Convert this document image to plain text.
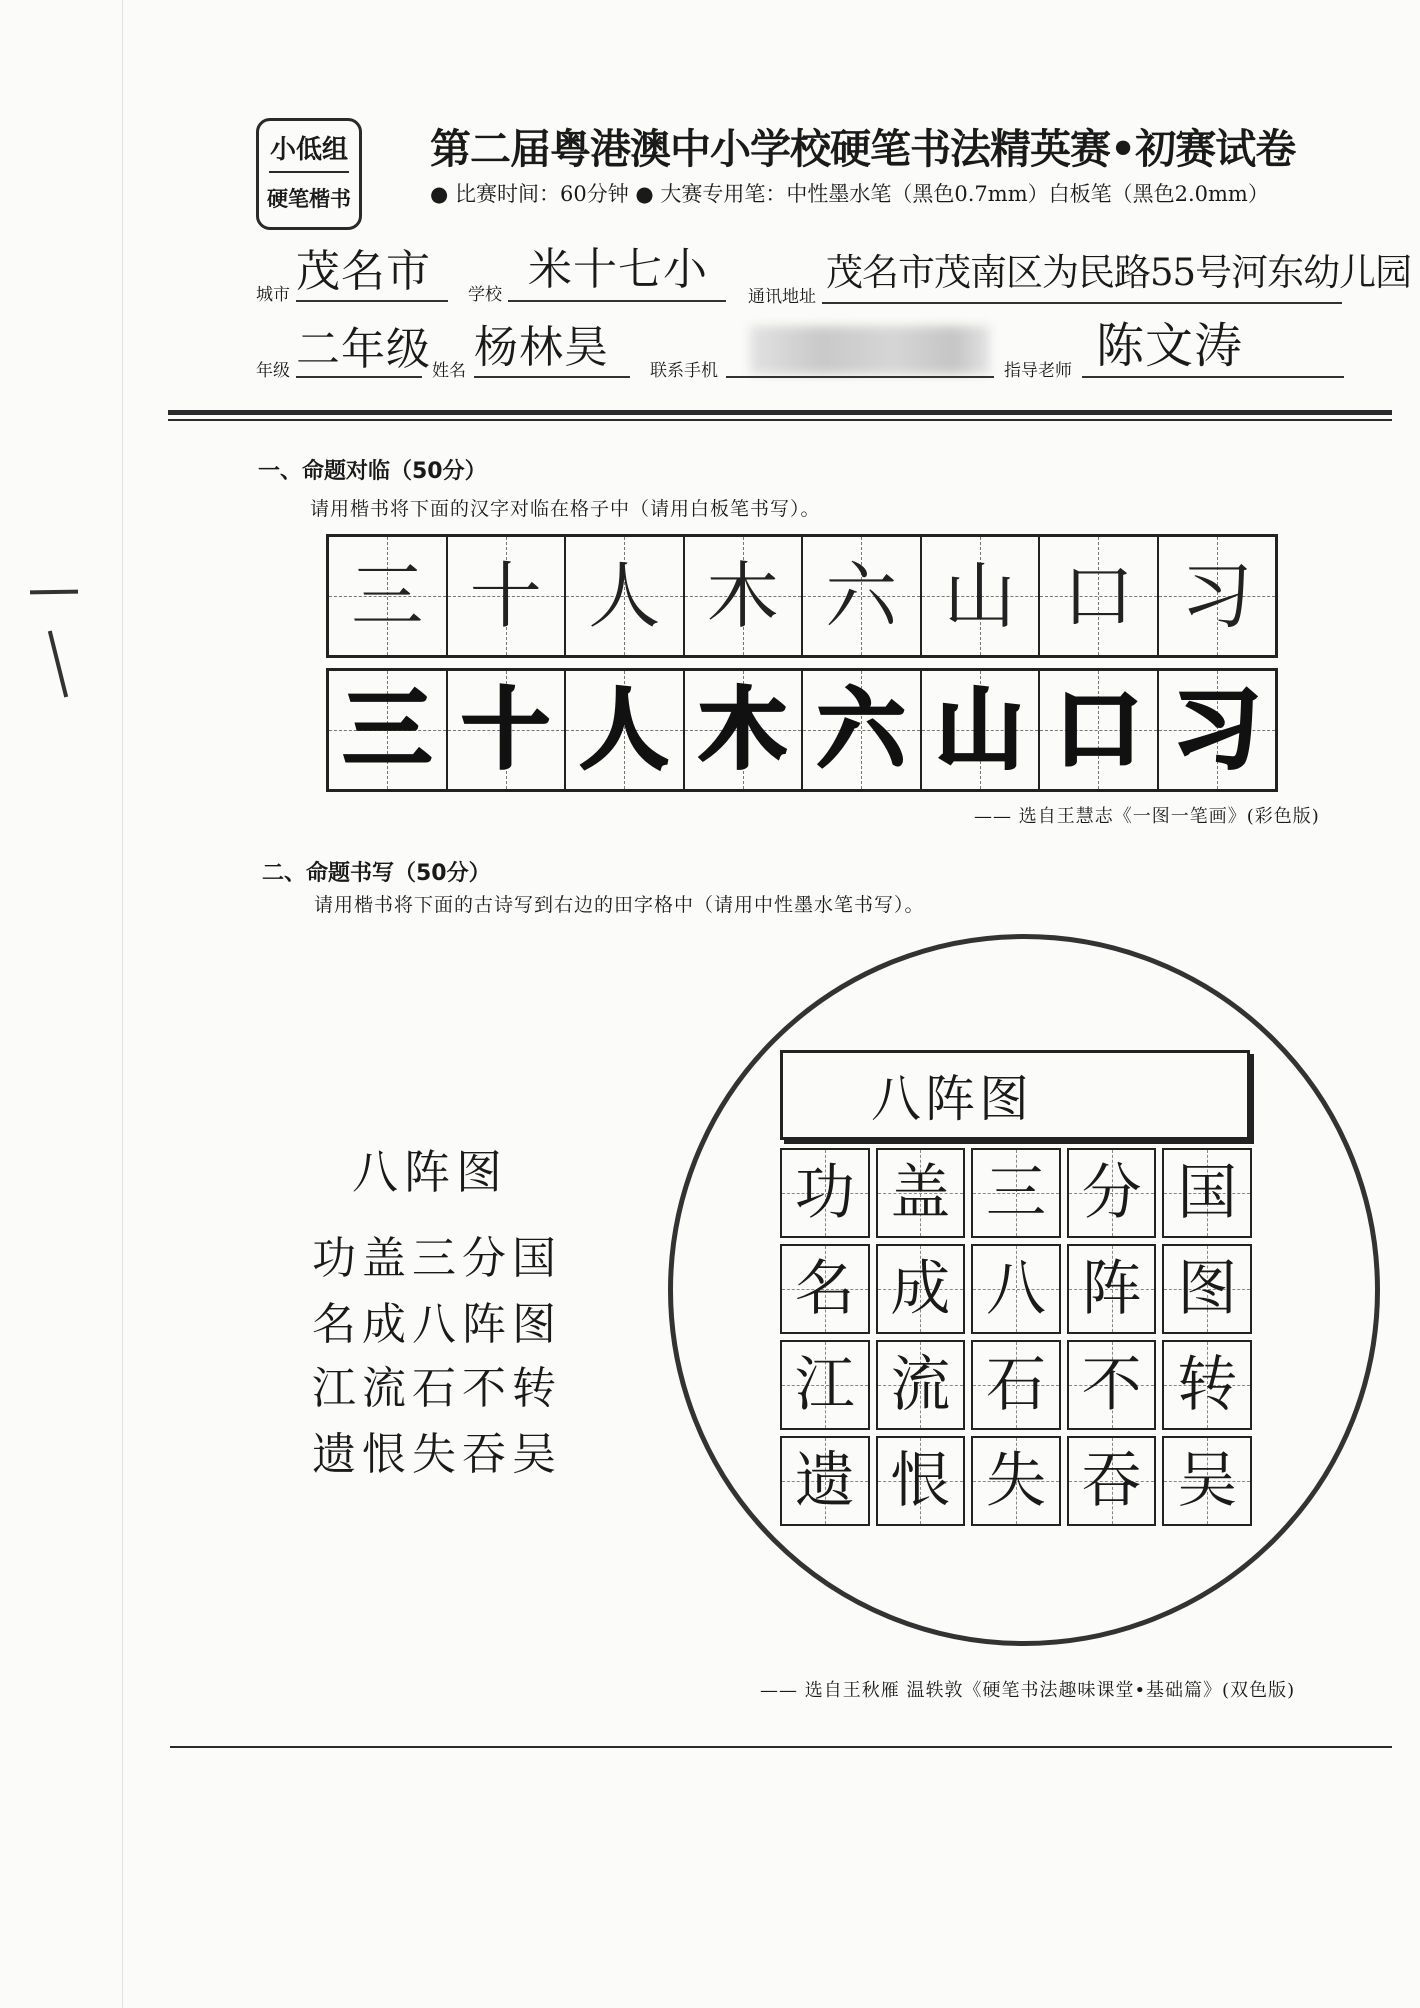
小低组
硬笔楷书
第二届粤港澳中小学校硬笔书法精英赛•初赛试卷
● 比赛时间：60分钟 ● 大赛专用笔：中性墨水笔（黑色0.7mm）白板笔（黑色2.0mm）
城市 茂名市 学校 米十七小
通讯地址
茂名市茂南区为民路55号河东幼儿园
年级 二年级 姓名 杨林昊 联系手机	指导老师 陈文涛
一、命题对临（50分）
请用楷书将下面的汉字对临在格子中（请用白板笔书写）。
三 十 人 木 六 山 口 习
三 十 人 木 六 山 口 习
—— 选自王慧志《一图一笔画》(彩色版)
二、命题书写（50分）
请用楷书将下面的古诗写到右边的田字格中（请用中性墨水笔书写）。
八阵图
功盖三分国
名成八阵图
江流石不转
遗恨失吞吴
八阵图
功 盖 三 分 国
名 成 八 阵 图
江 流 石 不 转
遗 恨 失 吞 吴
—— 选自王秋雁 温轶敦《硬笔书法趣味课堂•基础篇》(双色版)
